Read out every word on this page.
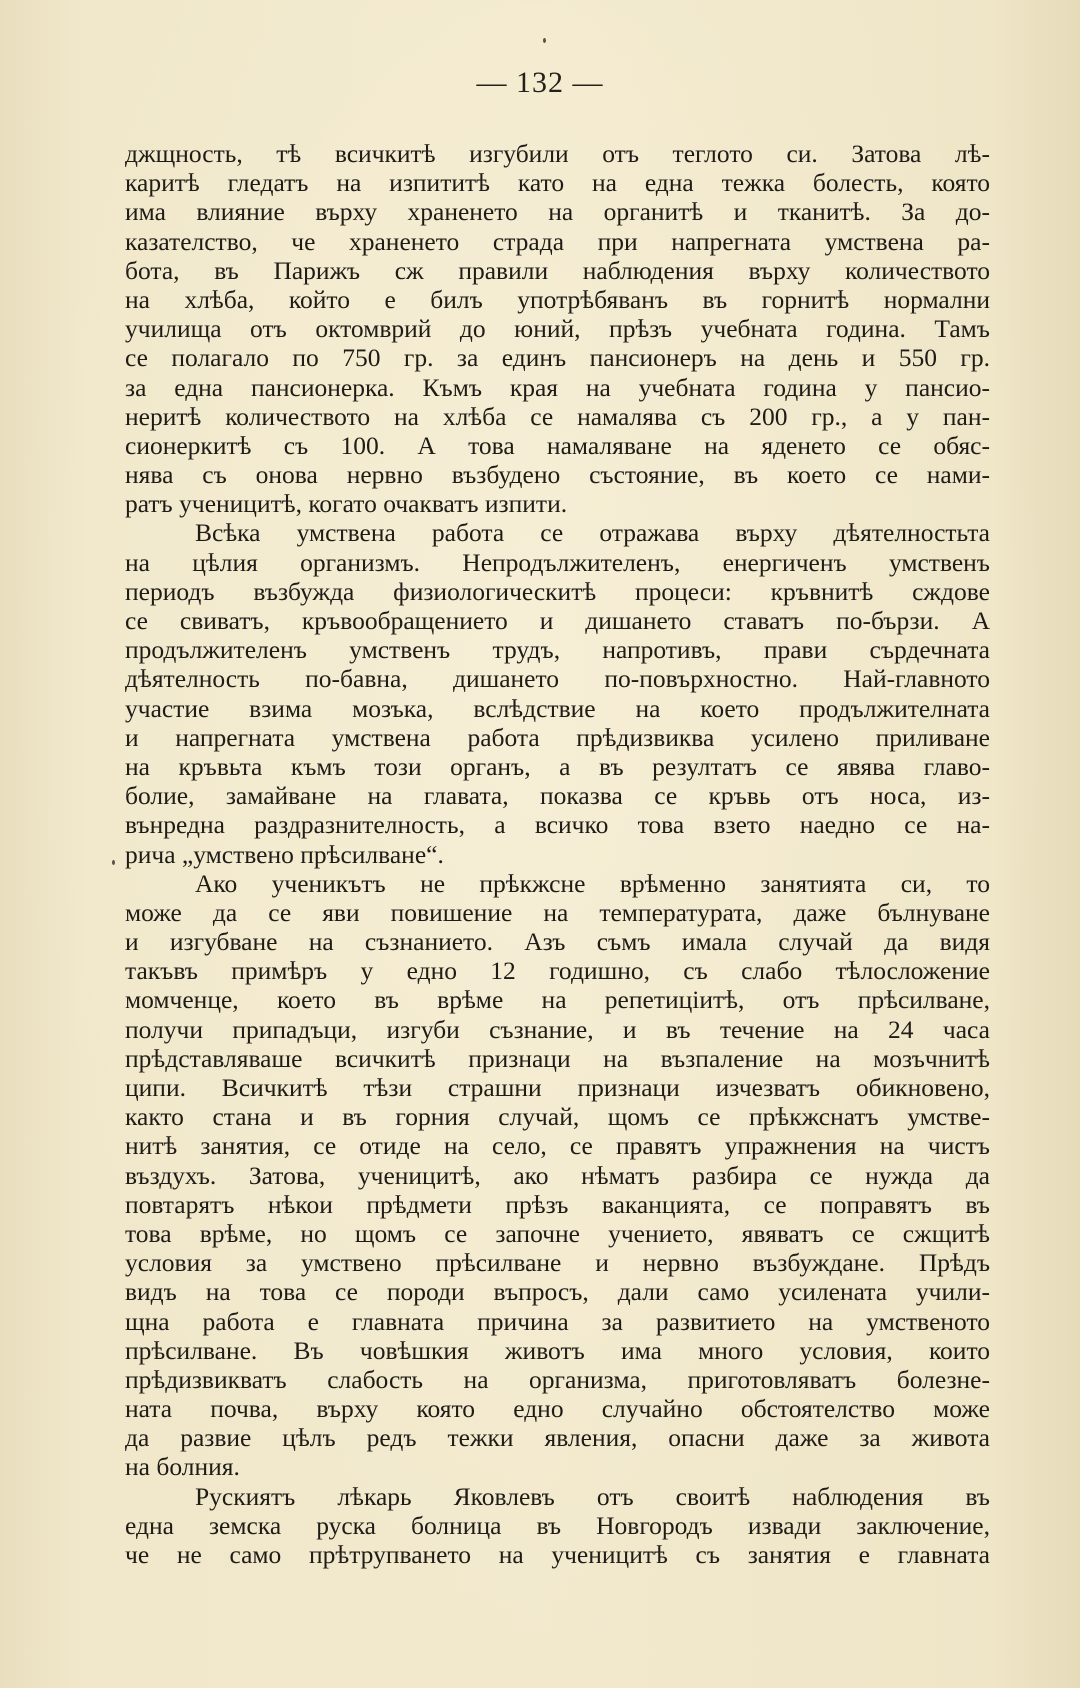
— 132 —
джщность, тѣ всичкитѣ изгубили отъ теглото си. Затова лѣ-
каритѣ гледатъ на изпититѣ като на една тежка болесть, която
има влияние върху храненето на органитѣ и тканитѣ. За до-
казателство, че храненето страда при напрегната умствена ра-
бота, въ Парижъ сж правили наблюдения върху количеството
на хлѣба, който е билъ употрѣбяванъ въ горнитѣ нормални
училища отъ октомврий до юний, прѣзъ учебната година. Тамъ
се полагало по 750 гр. за единъ пансионеръ на день и 550 гр.
за една пансионерка. Къмъ края на учебната година у пансио-
неритѣ количеството на хлѣба се намалява съ 200 гр., а у пан-
сионеркитѣ съ 100. А това намаляване на яденето се обяс-
нява съ онова нервно възбудено състояние, въ което се нами-
ратъ ученицитѣ, когато очакватъ изпити.
Всѣка умствена работа се отражава върху дѣятелностьта
на цѣлия организмъ. Непродължителенъ, енергиченъ умственъ
периодъ възбужда физиологическитѣ процеси: кръвнитѣ сждове
се свиватъ, кръвообращението и дишането ставатъ по-бързи. А
продължителенъ умственъ трудъ, напротивъ, прави сърдечната
дѣятелность по-бавна, дишането по-повърхностно. Най-главното
участие взима мозъка, вслѣдствие на което продължителната
и напрегната умствена работа прѣдизвиква усилено приливане
на кръвьта къмъ този органъ, а въ резултатъ се явява главо-
болие, замайване на главата, показва се кръвь отъ носа, из-
вънредна раздразнителность, а всичко това взето наедно се на-
рича „умствено прѣсилване“.
Ако ученикътъ не прѣкжсне врѣменно занятията си, то
може да се яви повишение на температурата, даже бълнуване
и изгубване на съзнанието. Азъ съмъ имала случай да видя
такъвъ примѣръ у едно 12 годишно, съ слабо тѣлосложение
момченце, което въ врѣме на репетицiитѣ, отъ прѣсилване,
получи припадъци, изгуби съзнание, и въ течение на 24 часа
прѣдставляваше всичкитѣ признаци на възпаление на мозъчнитѣ
ципи. Всичкитѣ тѣзи страшни признаци изчезватъ обикновено,
както стана и въ горния случай, щомъ се прѣкжснатъ умстве-
нитѣ занятия, се отиде на село, се правятъ упражнения на чистъ
въздухъ. Затова, ученицитѣ, ако нѣматъ разбира се нужда да
повтарятъ нѣкои прѣдмети прѣзъ ваканцията, се поправятъ въ
това врѣме, но щомъ се започне учението, явяватъ се сжщитѣ
условия за умствено прѣсилване и нервно възбуждане. Прѣдъ
видъ на това се породи въпросъ, дали само усилената учили-
щна работа е главната причина за развитието на умственото
прѣсилване. Въ човѣшкия животъ има много условия, които
прѣдизвикватъ слабость на организма, приготовляватъ болезне-
ната почва, върху която едно случайно обстоятелство може
да развие цѣлъ редъ тежки явления, опасни даже за живота
на болния.
Рускиятъ лѣкарь Яковлевъ отъ своитѣ наблюдения въ
една земска руска болница въ Новгородъ извади заключение,
че не само прѣтрупването на ученицитѣ съ занятия е главната
